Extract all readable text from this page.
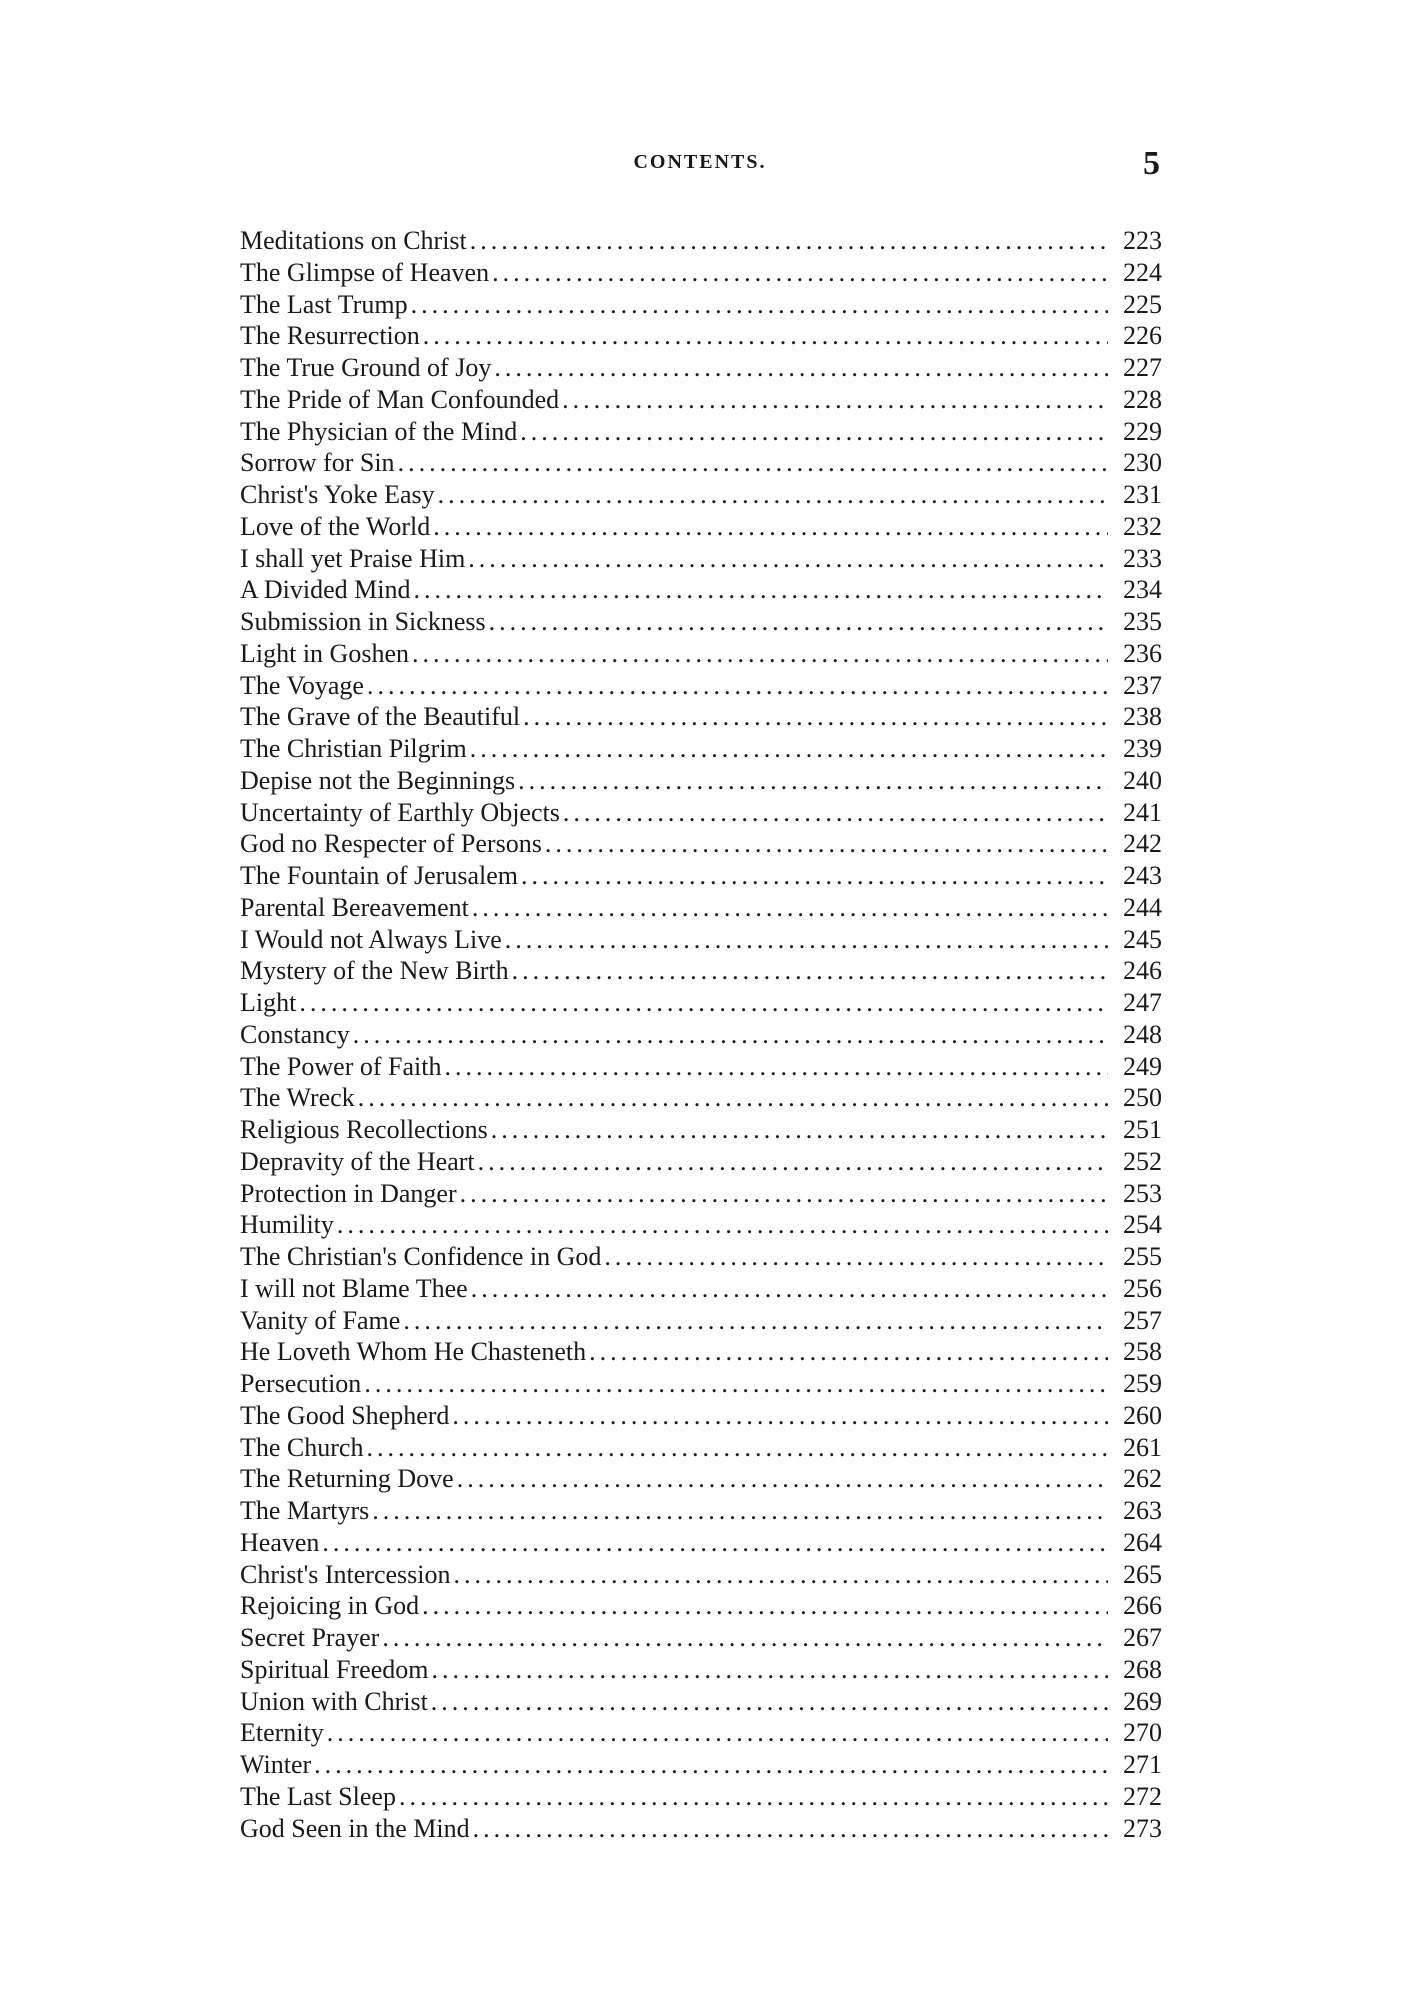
CONTENTS.	5
Meditations on Christ .....	223
The Glimpse of Heaven .....	224
The Last Trump .....	225
The Resurrection .....	226
The True Ground of Joy .....	227
The Pride of Man Confounded .....	228
The Physician of the Mind .....	229
Sorrow for Sin .....	230
Christ's Yoke Easy .....	231
Love of the World .....	232
I shall yet Praise Him .....	233
A Divided Mind .....	234
Submission in Sickness .....	235
Light in Goshen .....	236
The Voyage .....	237
The Grave of the Beautiful .....	238
The Christian Pilgrim .....	239
Depise not the Beginnings .....	240
Uncertainty of Earthly Objects .....	241
God no Respecter of Persons .....	242
The Fountain of Jerusalem .....	243
Parental Bereavement .....	244
I Would not Always Live .....	245
Mystery of the New Birth .....	246
Light .....	247
Constancy .....	248
The Power of Faith .....	249
The Wreck .....	250
Religious Recollections .....	251
Depravity of the Heart .....	252
Protection in Danger .....	253
Humility .....	254
The Christian's Confidence in God .....	255
I will not Blame Thee .....	256
Vanity of Fame .....	257
He Loveth Whom He Chasteneth .....	258
Persecution .....	259
The Good Shepherd .....	260
The Church .....	261
The Returning Dove .....	262
The Martyrs .....	263
Heaven .....	264
Christ's Intercession .....	265
Rejoicing in God .....	266
Secret Prayer .....	267
Spiritual Freedom .....	268
Union with Christ .....	269
Eternity .....	270
Winter .....	271
The Last Sleep .....	272
God Seen in the Mind .....	273
